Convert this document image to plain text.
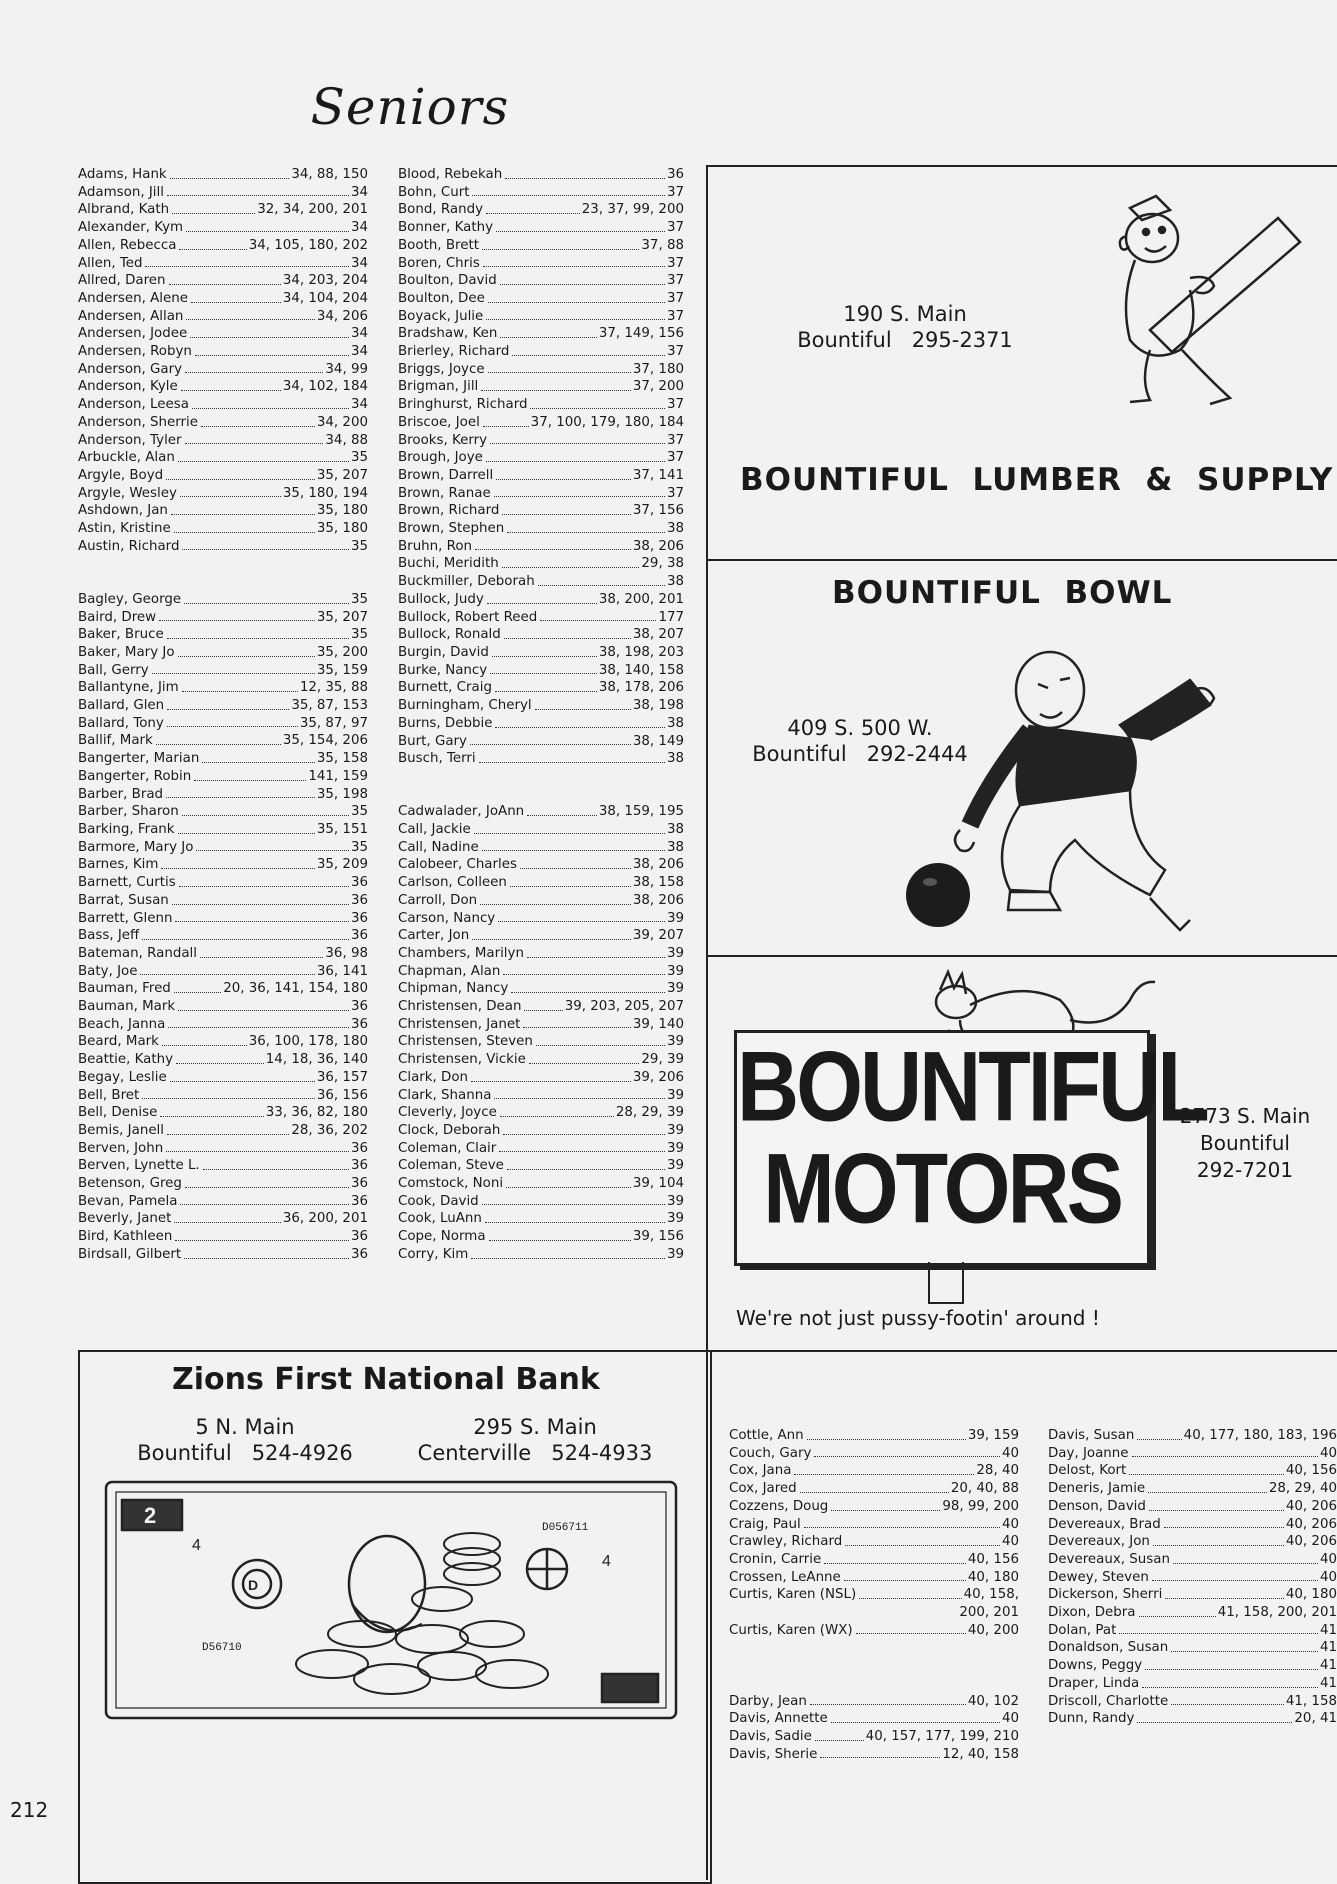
Seniors
Adams, Hank	34, 88, 150
Adamson, Jill	34
Albrand, Kath	32, 34, 200, 201
Alexander, Kym	34
Allen, Rebecca	34, 105, 180, 202
Allen, Ted	34
Allred, Daren	34, 203, 204
Andersen, Alene	34, 104, 204
Andersen, Allan	34, 206
Andersen, Jodee	34
Andersen, Robyn	34
Anderson, Gary	34, 99
Anderson, Kyle	34, 102, 184
Anderson, Leesa	34
Anderson, Sherrie	34, 200
Anderson, Tyler	34, 88
Arbuckle, Alan	35
Argyle, Boyd	35, 207
Argyle, Wesley	35, 180, 194
Ashdown, Jan	35, 180
Astin, Kristine	35, 180
Austin, Richard	35
Bagley, George	35
Baird, Drew	35, 207
Baker, Bruce	35
Baker, Mary Jo	35, 200
Ball, Gerry	35, 159
Ballantyne, Jim	12, 35, 88
Ballard, Glen	35, 87, 153
Ballard, Tony	35, 87, 97
Ballif, Mark	35, 154, 206
Bangerter, Marian	35, 158
Bangerter, Robin	141, 159
Barber, Brad	35, 198
Barber, Sharon	35
Barking, Frank	35, 151
Barmore, Mary Jo	35
Barnes, Kim	35, 209
Barnett, Curtis	36
Barrat, Susan	36
Barrett, Glenn	36
Bass, Jeff	36
Bateman, Randall	36, 98
Baty, Joe	36, 141
Bauman, Fred	20, 36, 141, 154, 180
Bauman, Mark	36
Beach, Janna	36
Beard, Mark	36, 100, 178, 180
Beattie, Kathy	14, 18, 36, 140
Begay, Leslie	36, 157
Bell, Bret	36, 156
Bell, Denise	33, 36, 82, 180
Bemis, Janell	28, 36, 202
Berven, John	36
Berven, Lynette L.	36
Betenson, Greg	36
Bevan, Pamela	36
Beverly, Janet	36, 200, 201
Bird, Kathleen	36
Birdsall, Gilbert	36
Blood, Rebekah	36
Bohn, Curt	37
Bond, Randy	23, 37, 99, 200
Bonner, Kathy	37
Booth, Brett	37, 88
Boren, Chris	37
Boulton, David	37
Boulton, Dee	37
Boyack, Julie	37
Bradshaw, Ken	37, 149, 156
Brierley, Richard	37
Briggs, Joyce	37, 180
Brigman, Jill	37, 200
Bringhurst, Richard	37
Briscoe, Joel	37, 100, 179, 180, 184
Brooks, Kerry	37
Brough, Joye	37
Brown, Darrell	37, 141
Brown, Ranae	37
Brown, Richard	37, 156
Brown, Stephen	38
Bruhn, Ron	38, 206
Buchi, Meridith	29, 38
Buckmiller, Deborah	38
Bullock, Judy	38, 200, 201
Bullock, Robert Reed	177
Bullock, Ronald	38, 207
Burgin, David	38, 198, 203
Burke, Nancy	38, 140, 158
Burnett, Craig	38, 178, 206
Burningham, Cheryl	38, 198
Burns, Debbie	38
Burt, Gary	38, 149
Busch, Terri	38
Cadwalader, JoAnn	38, 159, 195
Call, Jackie	38
Call, Nadine	38
Calobeer, Charles	38, 206
Carlson, Colleen	38, 158
Carroll, Don	38, 206
Carson, Nancy	39
Carter, Jon	39, 207
Chambers, Marilyn	39
Chapman, Alan	39
Chipman, Nancy	39
Christensen, Dean	39, 203, 205, 207
Christensen, Janet	39, 140
Christensen, Steven	39
Christensen, Vickie	29, 39
Clark, Don	39, 206
Clark, Shanna	39
Cleverly, Joyce	28, 29, 39
Clock, Deborah	39
Coleman, Clair	39
Coleman, Steve	39
Comstock, Noni	39, 104
Cook, David	39
Cook, LuAnn	39
Cope, Norma	39, 156
Corry, Kim	39
Cottle, Ann	39, 159
Couch, Gary	40
Cox, Jana	28, 40
Cox, Jared	20, 40, 88
Cozzens, Doug	98, 99, 200
Craig, Paul	40
Crawley, Richard	40
Cronin, Carrie	40, 156
Crossen, LeAnne	40, 180
Curtis, Karen (NSL)	40, 158,
200, 201
Curtis, Karen (WX)	40, 200
Darby, Jean	40, 102
Davis, Annette	40
Davis, Sadie	40, 157, 177, 199, 210
Davis, Sherie	12, 40, 158
Davis, Susan	40, 177, 180, 183, 196
Day, Joanne	40
Delost, Kort	40, 156
Deneris, Jamie	28, 29, 40
Denson, David	40, 206
Devereaux, Brad	40, 206
Devereaux, Jon	40, 206
Devereaux, Susan	40
Dewey, Steven	40
Dickerson, Sherri	40, 180
Dixon, Debra	41, 158, 200, 201
Dolan, Pat	41
Donaldson, Susan	41
Downs, Peggy	41
Draper, Linda	41
Driscoll, Charlotte	41, 158
Dunn, Randy	20, 41
190 S. Main
Bountiful   295-2371
BOUNTIFUL  LUMBER  &  SUPPLY
BOUNTIFUL  BOWL
409 S. 500 W.
Bountiful   292-2444
BOUNTIFUL
MOTORS
2773 S. Main
Bountiful
292-7201
We're not just pussy-footin' around !
Zions First National Bank
5 N. Main
Bountiful   524-4926
295 S. Main
Centerville   524-4933
D
2
4
4
D056711
D56710
212
